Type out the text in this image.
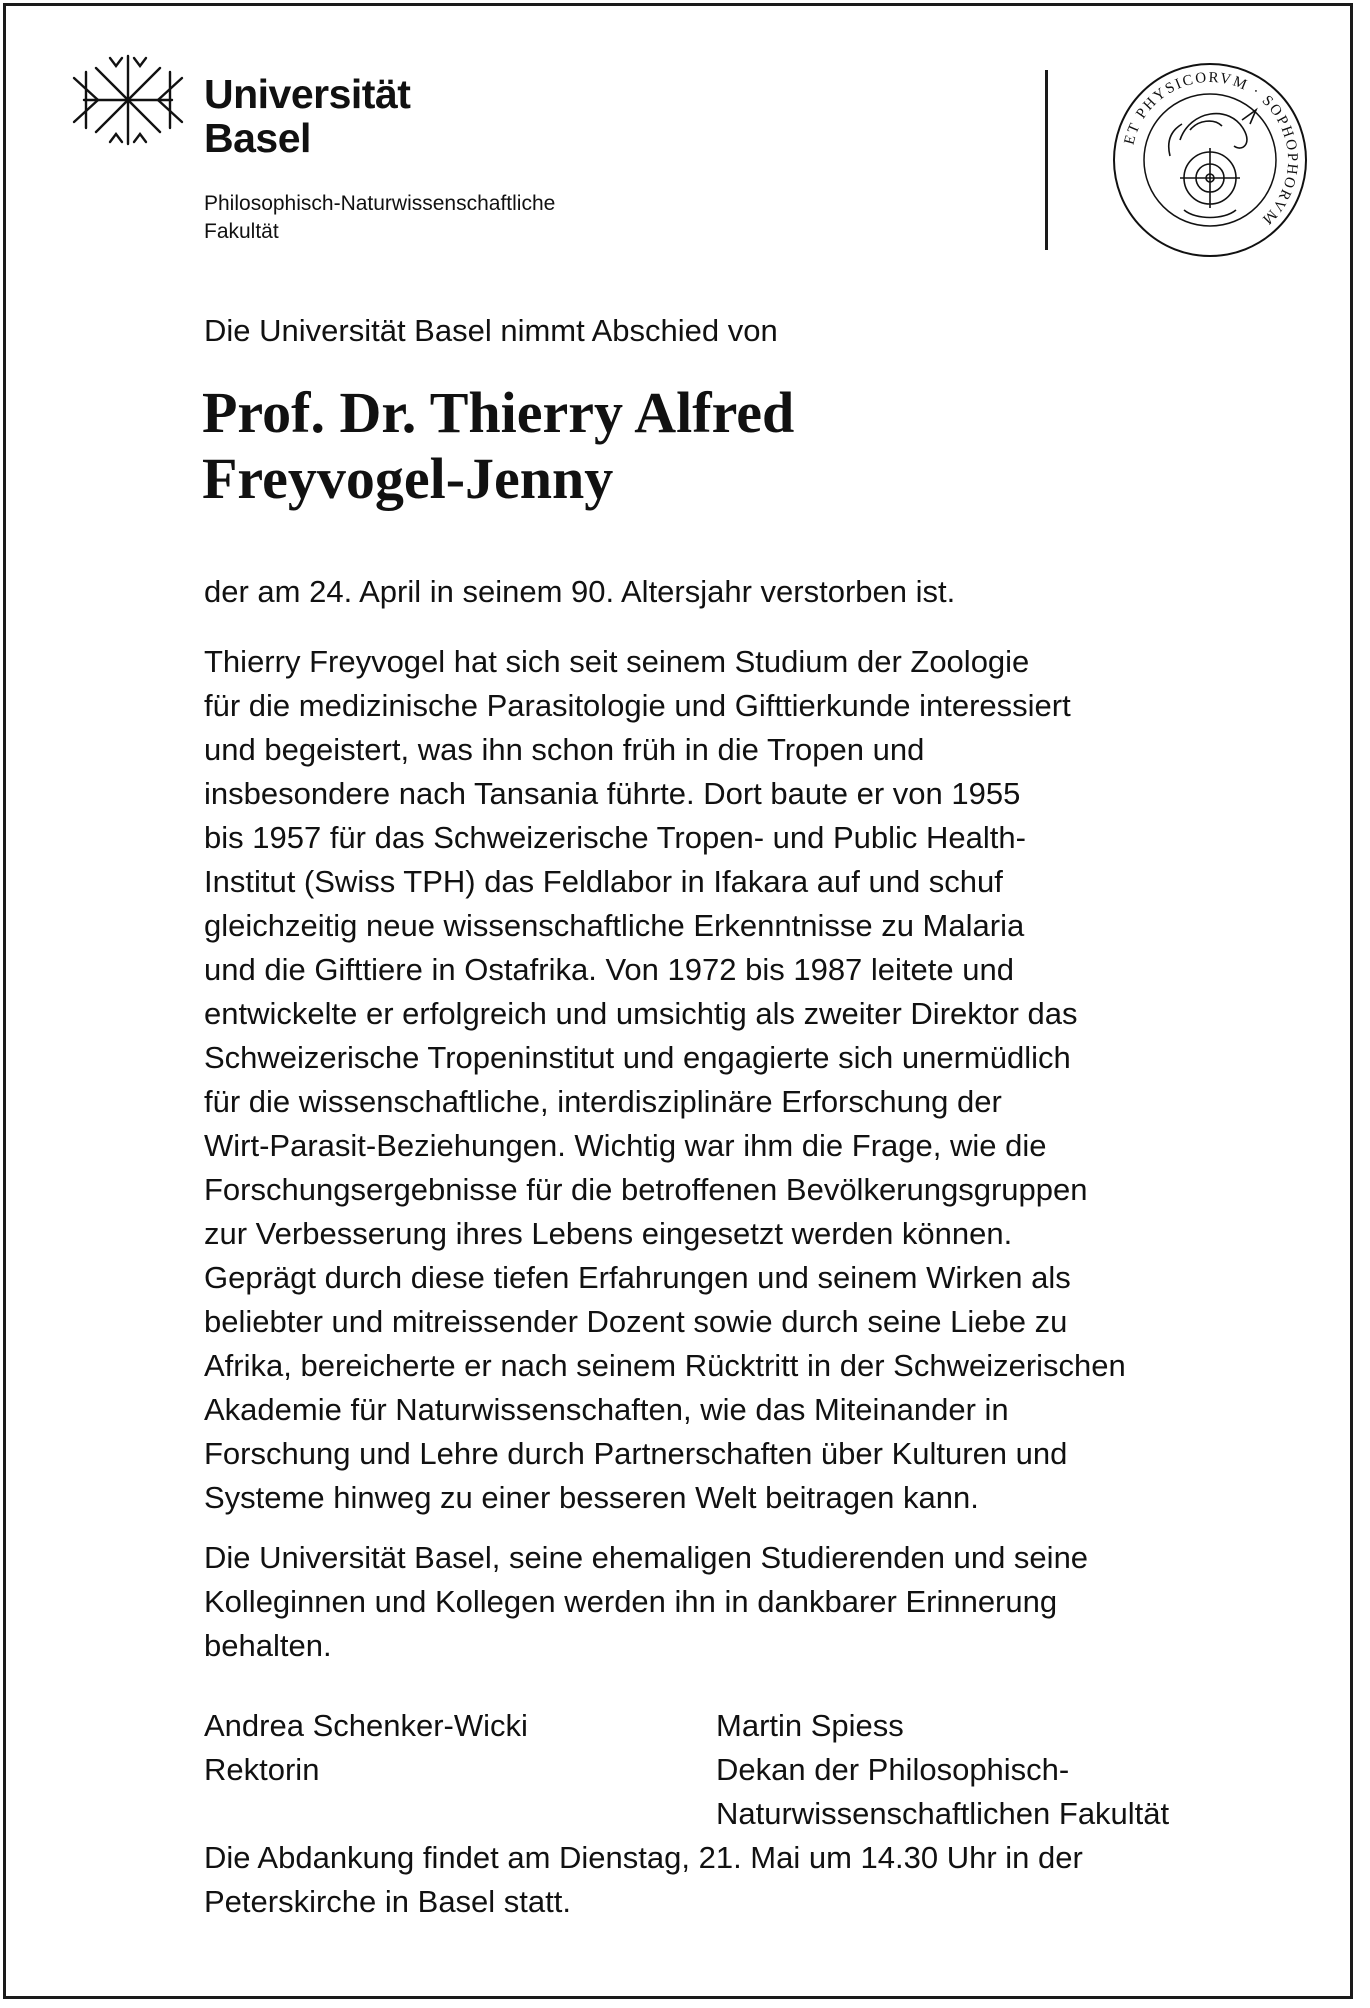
Universität
Basel
Philosophisch-Naturwissenschaftliche
Fakultät
ET PHYSICORVM · SOPHOPHORVM
Die Universität Basel nimmt Abschied von
Prof. Dr. Thierry Alfred
Freyvogel-Jenny
der am 24. April in seinem 90. Altersjahr verstorben ist.
Thierry Freyvogel hat sich seit seinem Studium der Zoologie
für die medizinische Parasitologie und Gifttierkunde interessiert
und begeistert, was ihn schon früh in die Tropen und
insbesondere nach Tansania führte. Dort baute er von 1955
bis 1957 für das Schweizerische Tropen- und Public Health-
Institut (Swiss TPH) das Feldlabor in Ifakara auf und schuf
gleichzeitig neue wissenschaftliche Erkenntnisse zu Malaria
und die Gifttiere in Ostafrika. Von 1972 bis 1987 leitete und
entwickelte er erfolgreich und umsichtig als zweiter Direktor das
Schweizerische Tropeninstitut und engagierte sich unermüdlich
für die wissenschaftliche, interdisziplinäre Erforschung der
Wirt-Parasit-Beziehungen. Wichtig war ihm die Frage, wie die
Forschungsergebnisse für die betroffenen Bevölkerungsgruppen
zur Verbesserung ihres Lebens eingesetzt werden können.
Geprägt durch diese tiefen Erfahrungen und seinem Wirken als
beliebter und mitreissender Dozent sowie durch seine Liebe zu
Afrika, bereicherte er nach seinem Rücktritt in der Schweizerischen
Akademie für Naturwissenschaften, wie das Miteinander in
Forschung und Lehre durch Partnerschaften über Kulturen und
Systeme hinweg zu einer besseren Welt beitragen kann.
Die Universität Basel, seine ehemaligen Studierenden und seine
Kolleginnen und Kollegen werden ihn in dankbarer Erinnerung
behalten.
Andrea Schenker-Wicki
Rektorin
Martin Spiess
Dekan der Philosophisch-
Naturwissenschaftlichen Fakultät
Die Abdankung findet am Dienstag, 21. Mai um 14.30 Uhr in der
Peterskirche in Basel statt.
